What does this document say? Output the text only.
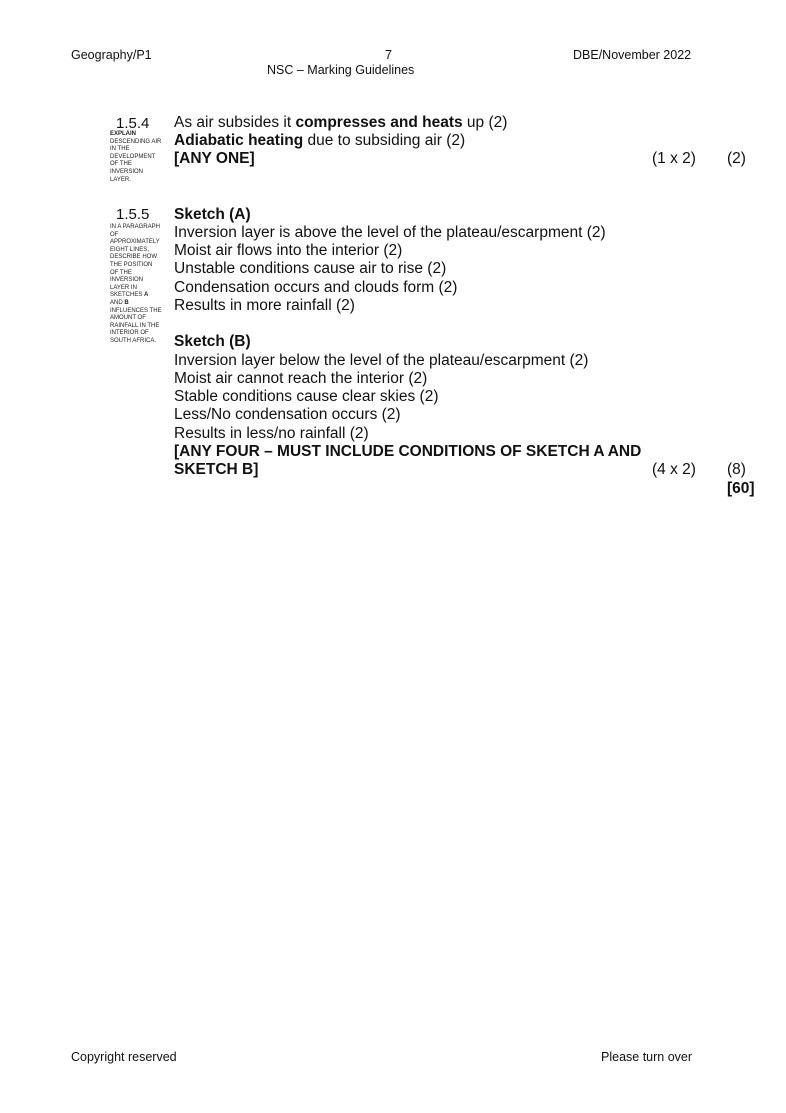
Geography/P1	7
NSC – Marking Guidelines
DBE/November 2022
1.5.4
EXPLAIN DESCENDING AIR IN THE DEVELOPMENT OF THE INVERSION LAYER.
As air subsides it compresses and heats up (2)
Adiabatic heating due to subsiding air (2)
[ANY ONE]	(1 x 2) (2)
1.5.5
IN A PARAGRAPH OF APPROXIMATELY EIGHT LINES, DESCRIBE HOW THE POSITION OF THE INVERSION LAYER IN SKETCHES A AND B INFLUENCES THE AMOUNT OF RAINFALL IN THE INTERIOR OF SOUTH AFRICA.
Sketch (A)
Inversion layer is above the level of the plateau/escarpment (2)
Moist air flows into the interior (2)
Unstable conditions cause air to rise (2)
Condensation occurs and clouds form (2)
Results in more rainfall (2)
Sketch (B)
Inversion layer below the level of the plateau/escarpment (2)
Moist air cannot reach the interior (2)
Stable conditions cause clear skies (2)
Less/No condensation occurs (2)
Results in less/no rainfall (2)
[ANY FOUR – MUST INCLUDE CONDITIONS OF SKETCH A AND
SKETCH B]	(4 x 2) (8)
[60]
Copyright reserved	Please turn over
